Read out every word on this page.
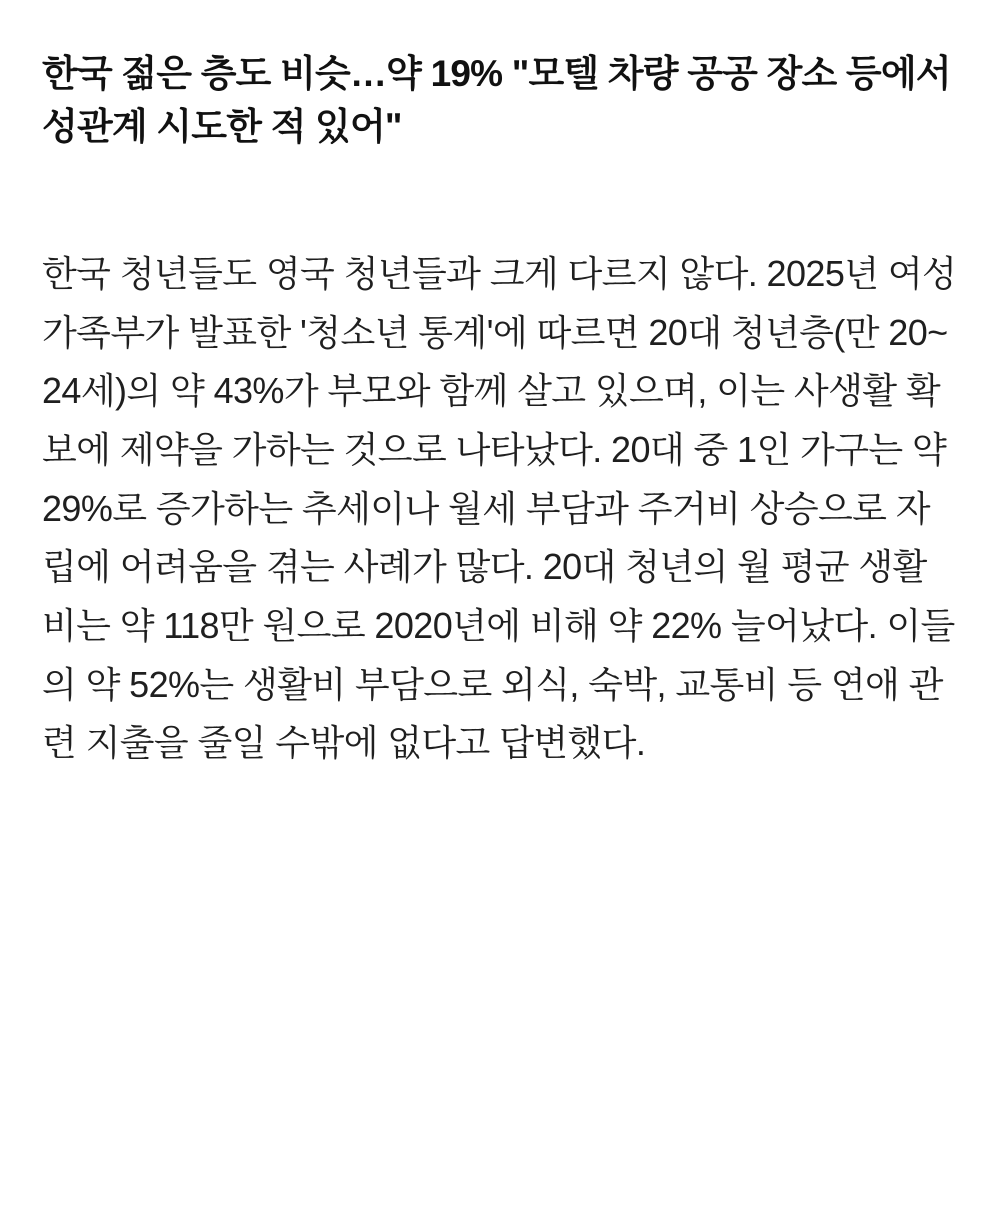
한국 젊은 층도 비슷…약 19% "모텔 차량 공공 장소 등에서 성관계 시도한 적 있어"

한국 청년들도 영국 청년들과 크게 다르지 않다. 2025년 여성가족부가 발표한 '청소년 통계'에 따르면 20대 청년층(만 20~24세)의 약 43%가 부모와 함께 살고 있으며, 이는 사생활 확보에 제약을 가하는 것으로 나타났다. 20대 중 1인 가구는 약 29%로 증가하는 추세이나 월세 부담과 주거비 상승으로 자립에 어려움을 겪는 사례가 많다. 20대 청년의 월 평균 생활비는 약 118만 원으로 2020년에 비해 약 22% 늘어났다. 이들의 약 52%는 생활비 부담으로 외식, 숙박, 교통비 등 연애 관련 지출을 줄일 수밖에 없다고 답변했다.
